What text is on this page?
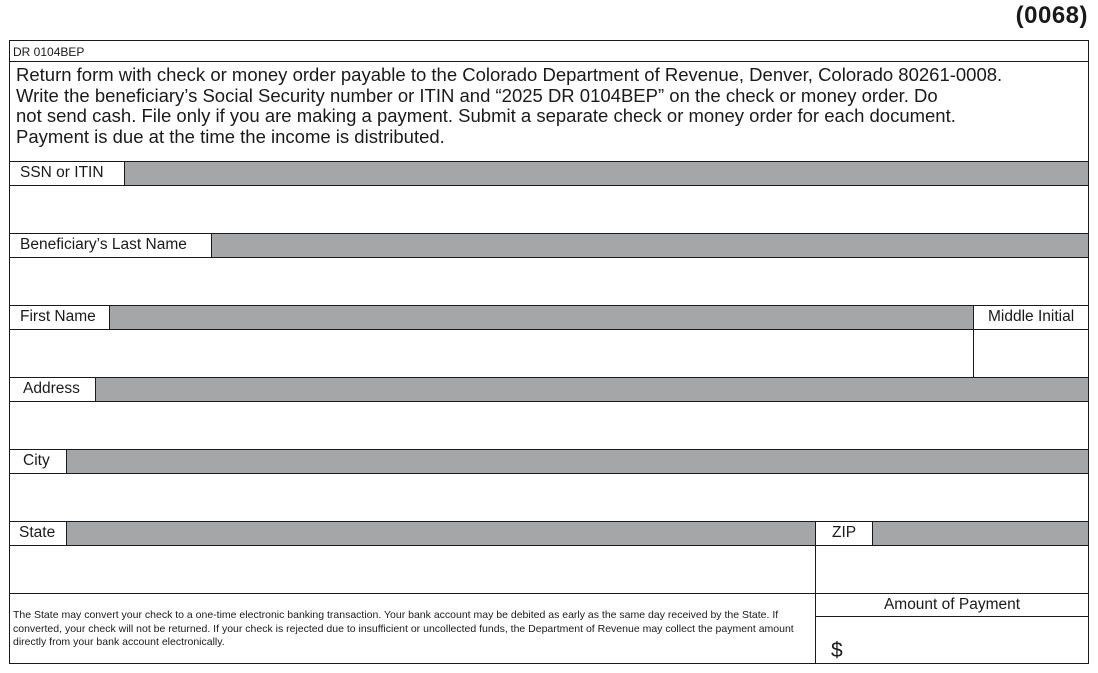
(0068)
DR 0104BEP
Return form with check or money order payable to the Colorado Department of Revenue, Denver, Colorado 80261-0008.
Write the beneficiary’s Social Security number or ITIN and “2025 DR 0104BEP” on the check or money order. Do
not send cash. File only if you are making a payment. Submit a separate check or money order for each document.
Payment is due at the time the income is distributed.
SSN or ITIN
Beneficiary’s Last Name
First Name	Middle Initial
Address
City
State	ZIP
The State may convert your check to a one-time electronic banking transaction. Your bank account may be debited as early as the same day received by the State. If converted, your check will not be returned. If your check is rejected due to insufficient or uncollected funds, the Department of Revenue may collect the payment amount directly from your bank account electronically.
Amount of Payment
$
